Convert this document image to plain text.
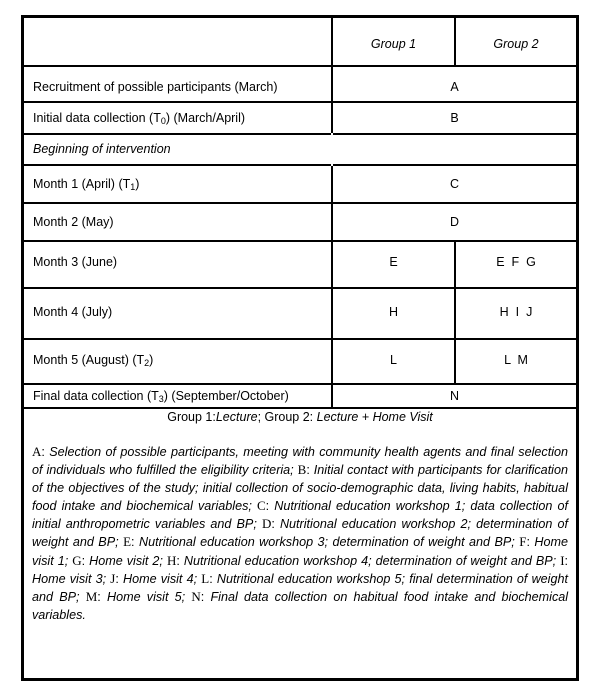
Group 1	Group 2
Recruitment of possible participants (March)	A
Initial data collection $(T_0)$ (March/April)	B
Beginning of intervention
Month 1 (April) $(T_1)$	C
Month 2 (May)	D
Month 3 (June)	E	E  F  G
Month 4 (July)	H	H  I  J
Month 5 (August) $(T_2)$	L	L  M
Final data collection $(T_3)$ (September/October)	N
Group 1:Lecture; Group 2: Lecture + Home Visit
A: Selection of possible participants, meeting with community health agents and final selection of individuals who fulfilled the eligibility criteria; B: Initial contact with participants for clarification of the objectives of the study; initial collection of socio-demographic data, living habits, habitual food intake and biochemical variables; C: Nutritional education workshop 1; data collection of initial anthropometric variables and BP; D: Nutritional education workshop 2; determination of weight and BP; E: Nutritional education workshop 3; determination of weight and BP; F: Home visit 1; G: Home visit 2; H: Nutritional education workshop 4; determination of weight and BP; I: Home visit 3; J: Home visit 4; L: Nutritional education workshop 5; final determination of weight and BP; M: Home visit 5; N: Final data collection on habitual food intake and biochemical variables.
